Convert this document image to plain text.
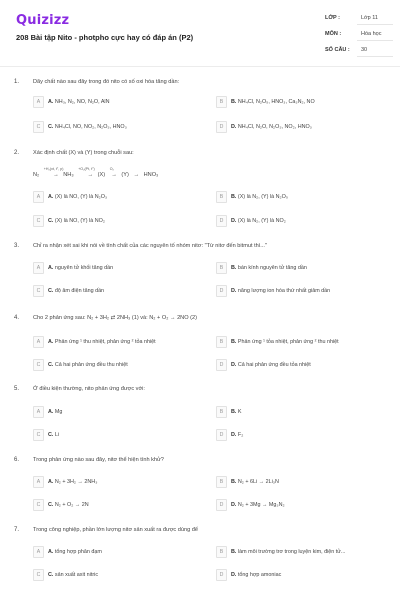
Quizizz
208 Bài tập Nito - photpho cực hay có đáp án (P2)
LỚP :	Lớp 11
MÔN :	Hóa học
SỐ CÂU : 30
1. Dãy chất nào sau đây trong đó nito có số oxi hóa tăng dần:
A	A. NH₃, N₂, NO, N₂O, AlN	B	B. NH₄Cl, N₂O₅, HNO₃, Ca₃N₂, NO
C	C. NH₄Cl, NO, NO₂, N₂O₃, HNO₃	D	D. NH₄Cl, N₂O, N₂O₃, NO₂, HNO₃
2. Xác định chất (X) và (Y) trong chuỗi sau:
N₂
+H₂(xt, t°, p)
→ NH₃
+O₂(Pt, t°)
→ (X)
O₂
→ (Y) → HNO₃
A	A. (X) là NO, (Y) là N₂O₃	B	B. (X) là N₂, (Y) là N₂O₅
C	C. (X) là NO, (Y) là NO₂	D	D. (X) là N₂, (Y) là NO₂
3. Chỉ ra nhận xét sai khi nói về tính chất của các nguyên tố nhóm nitơ: "Từ nitơ đến bitmut thì..."
A	A. nguyên tử khối tăng dần	B	B. bán kính nguyên tử tăng dần
C	C. độ âm điện tăng dần	D	D. năng lượng ion hóa thứ nhất giảm dần
4. Cho 2 phản ứng sau: N₂ + 3H₂ ⇄ 2NH₃ (1) và: N₂ + O₂ → 2NO (2)
A	A. Phản ứng ¹ thu nhiệt, phản ứng ² tỏa nhiệt	B	B. Phản ứng ¹ tỏa nhiệt, phản ứng ² thu nhiệt
C	C. Cả hai phản ứng đều thu nhiệt	D	D. Cả hai phản ứng đều tỏa nhiệt
5. Ở điều kiện thường, nito phản ứng được với:
A	A. Mg	B	B. K
C	C. Li	D	D. F₂
6. Trong phản ứng nào sau đây, nitơ thể hiện tính khử?
A	A. N₂ + 3H₂ → 2NH₃	B	B. N₂ + 6Li → 2Li₃N
C	C. N₂ + O₂ → 2N	D	D. N₂ + 3Mg → Mg₃N₂
7. Trong công nghiệp, phần lớn lượng nitơ sản xuất ra được dùng để
A	A. tổng hợp phân đạm	B	B. làm môi trường trơ trong luyện kim, điện tử...
C	C. sản xuất axit nitric	D	D. tổng hợp amoniac
